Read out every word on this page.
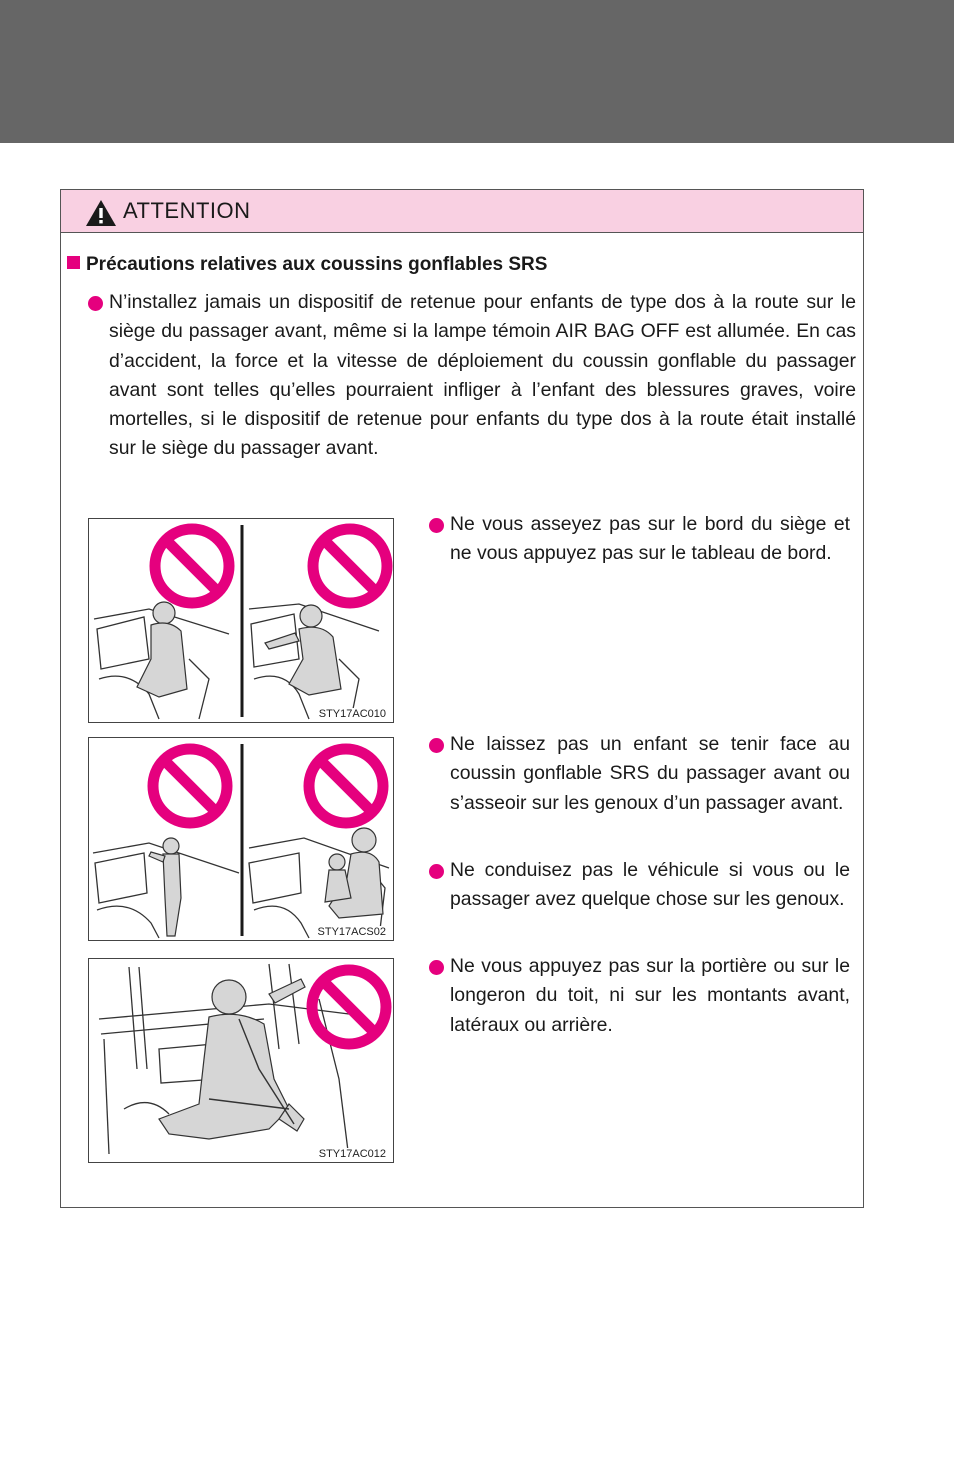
ATTENTION
Précautions relatives aux coussins gonflables SRS
N’installez jamais un dispositif de retenue pour enfants de type dos à la route sur le siège du passager avant, même si la lampe témoin AIR BAG OFF est allumée. En cas d’accident, la force et la vitesse de déploiement du coussin gonflable du passager avant sont telles qu’elles pourraient infliger à l’enfant des blessures graves, voire mortelles, si le dispositif de retenue pour enfants du type dos à la route était installé sur le siège du passager avant.
STY17AC010
Ne vous asseyez pas sur le bord du siège et ne vous appuyez pas sur le tableau de bord.
STY17ACS02
Ne laissez pas un enfant se tenir face au coussin gonflable SRS du passager avant ou s’asseoir sur les genoux d’un passager avant.
Ne conduisez pas le véhicule si vous ou le passager avez quelque chose sur les genoux.
STY17AC012
Ne vous appuyez pas sur la portière ou sur le longeron du toit, ni sur les montants avant, latéraux ou arrière.
